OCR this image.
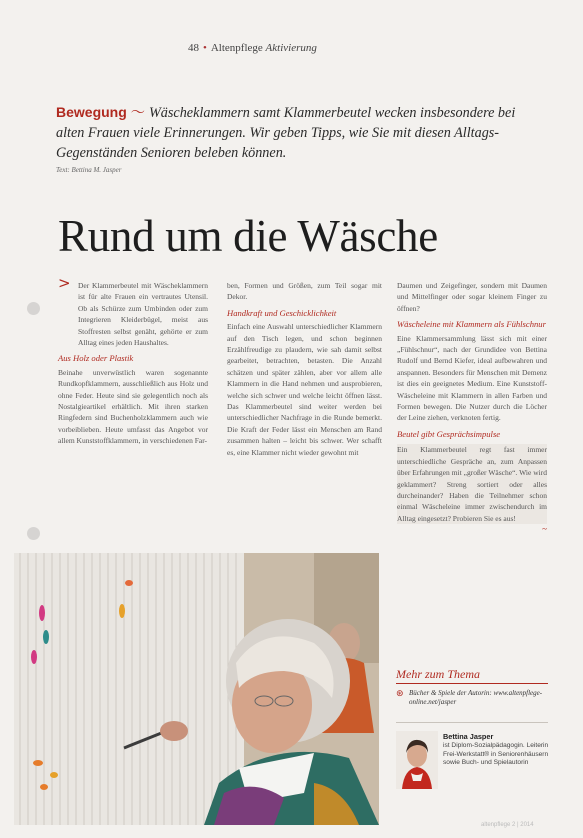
48 • Altenpflege Aktivierung
Bewegung 〜 Wäscheklammern samt Klammerbeutel wecken insbesondere bei alten Frauen viele Erinnerungen. Wir geben Tipps, wie Sie mit diesen Alltags-Gegenständen Senioren beleben können.
Text: Bettina M. Jasper
Rund um die Wäsche
> Der Klammerbeutel mit Wäscheklammern ist für alte Frauen ein vertrautes Utensil. Ob als Schürze zum Umbinden oder zum Integrieren Kleiderbügel, meist aus Stoffresten selbst genäht, gehörte er zum Alltag eines jeden Haushaltes.

Aus Holz oder Plastik

Beinahe unverwüstlich waren sogenannte Rundkopfklammern, ausschließlich aus Holz und ohne Feder. Heute sind sie gelegentlich noch als Nostalgieartikel erhältlich. Mit ihren starken Ringfedern sind Buchenholzklammern auch wie vorbeiblieben. Heute umfasst das Angebot vor allem Kunststoffklammern, in verschiedenen Far-

ben, Formen und Größen, zum Teil sogar mit Dekor.

Handkraft und Geschicklichkeit

Einfach eine Auswahl unterschiedlicher Klammern auf den Tisch legen, und schon beginnen Erzählfreudige zu plaudern, wie sah damit selbst gearbeitet, betrachten, betasten. Die Anzahl schätzen und später zählen, aber vor allem alle Klammern in die Hand nehmen und ausprobieren, welche sich schwer und welche leicht öffnen lässt. Das Klammerbeutel sind weiter werden bei unterschiedlicher Nachfrage in die Runde bemerkt. Die Kraft der Feder lässt ein Menschen am Rand zusammen halten – leicht bis schwer. Wer schafft es, eine Klammer nicht wieder gewohnt mit

Daumen und Zeigefinger, sondern mit Daumen und Mittelfinger oder sogar kleinem Finger zu öffnen?

Wäscheleine mit Klammern als Fühlschnur

Eine Klammersammlung lässt sich mit einer „Fühlschnur“, nach der Grundidee von Bettina Rudolf und Bernd Kiefer, ideal aufbewahren und anspannen. Besonders für Menschen mit Demenz ist dies ein geeignetes Medium. Eine Kunststoff-Wäscheleine mit Klammern in allen Farben und Formen bewegen. Die Nutzer durch die Löcher der Leine ziehen, verknoten fertig.

Beutel gibt Gesprächsimpulse

Ein Klammerbeutel regt fast immer unterschiedliche Gespräche an, zum Anpassen über Erfahrungen mit „großer Wäsche“. Wie wird geklammert? Streng sortiert oder alles durcheinander? Haben die Teilnehmer schon einmal Wäscheleine immer zwischendurch im Alltag eingesetzt? Probieren Sie es aus!

~
Mehr zum Thema
⊛ Bücher & Spiele der Autorin: www.altenpflege-online.net/jasper
Bettina Jasper
ist Diplom-Sozialpädagogin. Leiterin Frei-Werkstatt® in Seniorenhäusern sowie Buch- und Spielautorin
altenpflege 2 | 2014
